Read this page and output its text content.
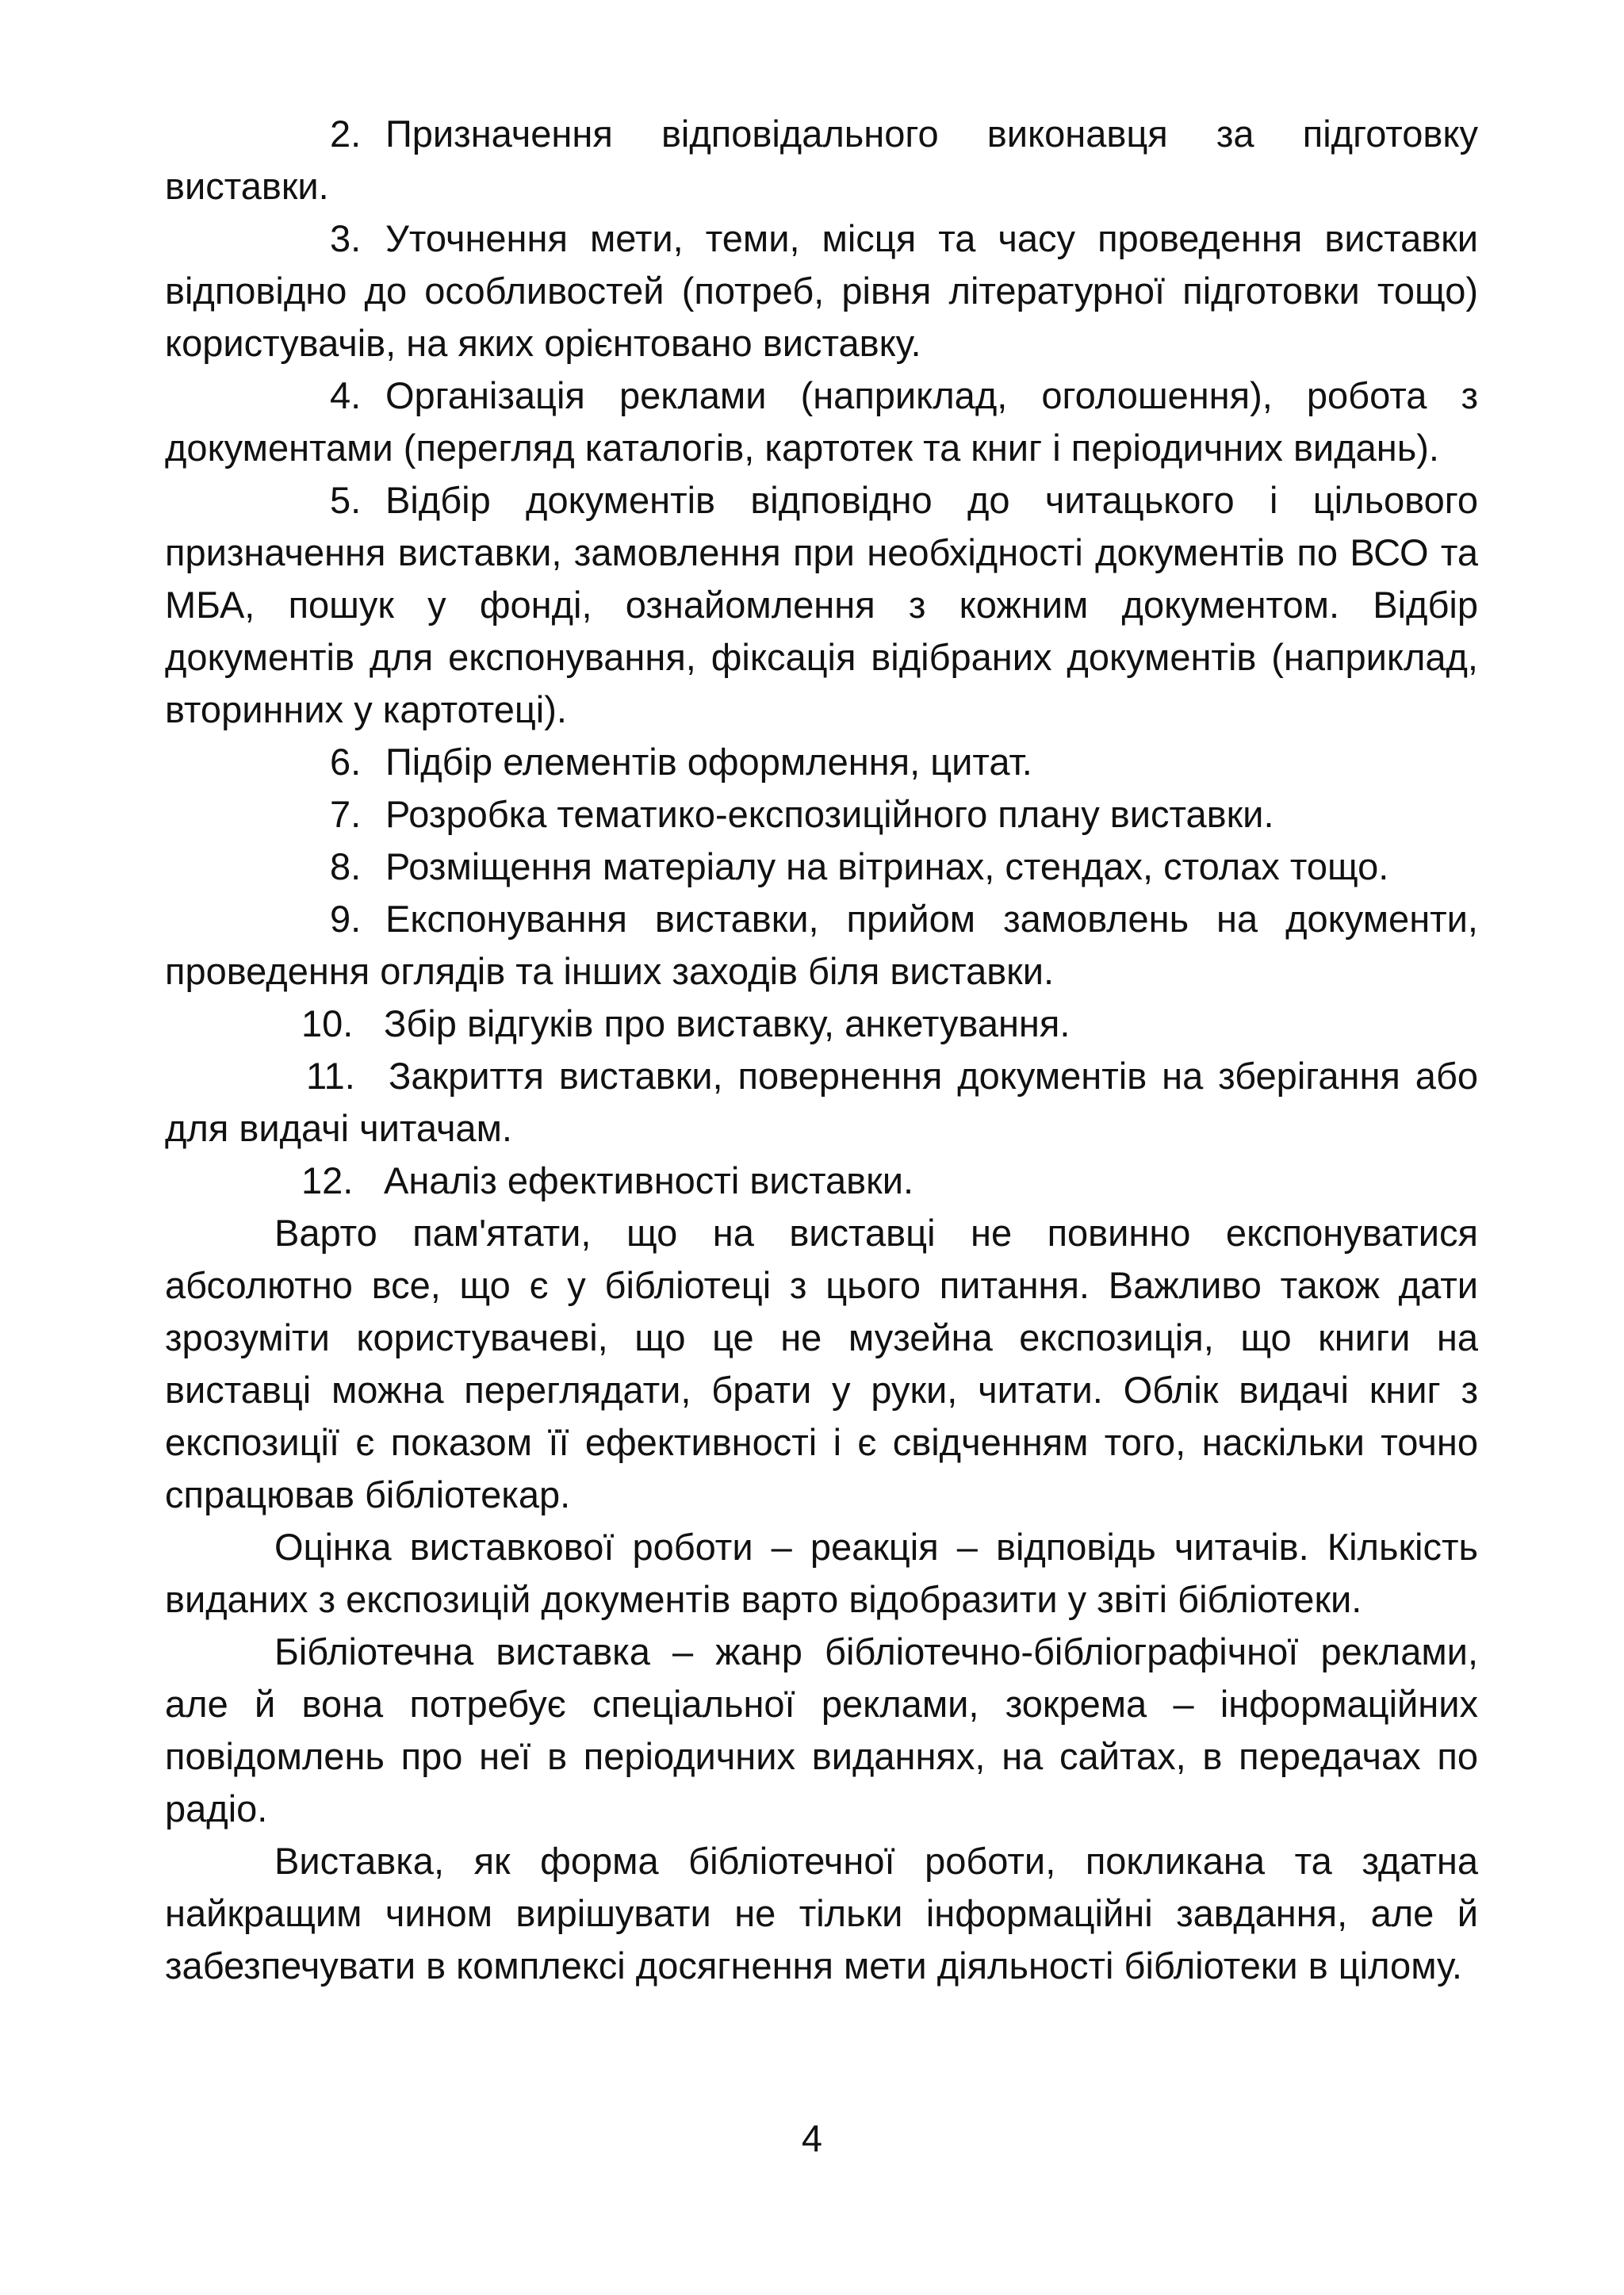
2. Призначення відповідального виконавця за підготовку виставки.

3. Уточнення мети, теми, місця та часу проведення виставки відповідно до особливостей (потреб, рівня літературної підготовки тощо) користувачів, на яких орієнтовано виставку.

4. Організація реклами (наприклад, оголошення), робота з документами (перегляд каталогів, картотек та книг і періодичних видань).

5. Відбір документів відповідно до читацького і цільового призначення виставки, замовлення при необхідності документів по ВСО та МБА, пошук у фонді, ознайомлення з кожним документом. Відбір документів для експонування, фіксація відібраних документів (наприклад, вторинних у картотеці).

6. Підбір елементів оформлення, цитат.

7. Розробка тематико-експозиційного плану виставки.

8. Розміщення матеріалу на вітринах, стендах, столах тощо.

9. Експонування виставки, прийом замовлень на документи, проведення оглядів та інших заходів біля виставки.

10. Збір відгуків про виставку, анкетування.

11. Закриття виставки, повернення документів на зберігання або для видачі читачам.

12. Аналіз ефективності виставки.

Варто пам'ятати, що на виставці не повинно експонуватися абсолютно все, що є у бібліотеці з цього питання. Важливо також дати зрозуміти користувачеві, що це не музейна експозиція, що книги на виставці можна переглядати, брати у руки, читати. Облік видачі книг з експозиції є показом її ефективності і є свідченням того, наскільки точно спрацював бібліотекар.

Оцінка виставкової роботи – реакція – відповідь читачів. Кількість виданих з експозицій документів варто відобразити у звіті бібліотеки.

Бібліотечна виставка – жанр бібліотечно-бібліографічної реклами, але й вона потребує спеціальної реклами, зокрема – інформаційних повідомлень про неї в періодичних виданнях, на сайтах, в передачах по радіо.

Виставка, як форма бібліотечної роботи, покликана та здатна найкращим чином вирішувати не тільки інформаційні завдання, але й забезпечувати в комплексі досягнення мети діяльності бібліотеки в цілому.

4
